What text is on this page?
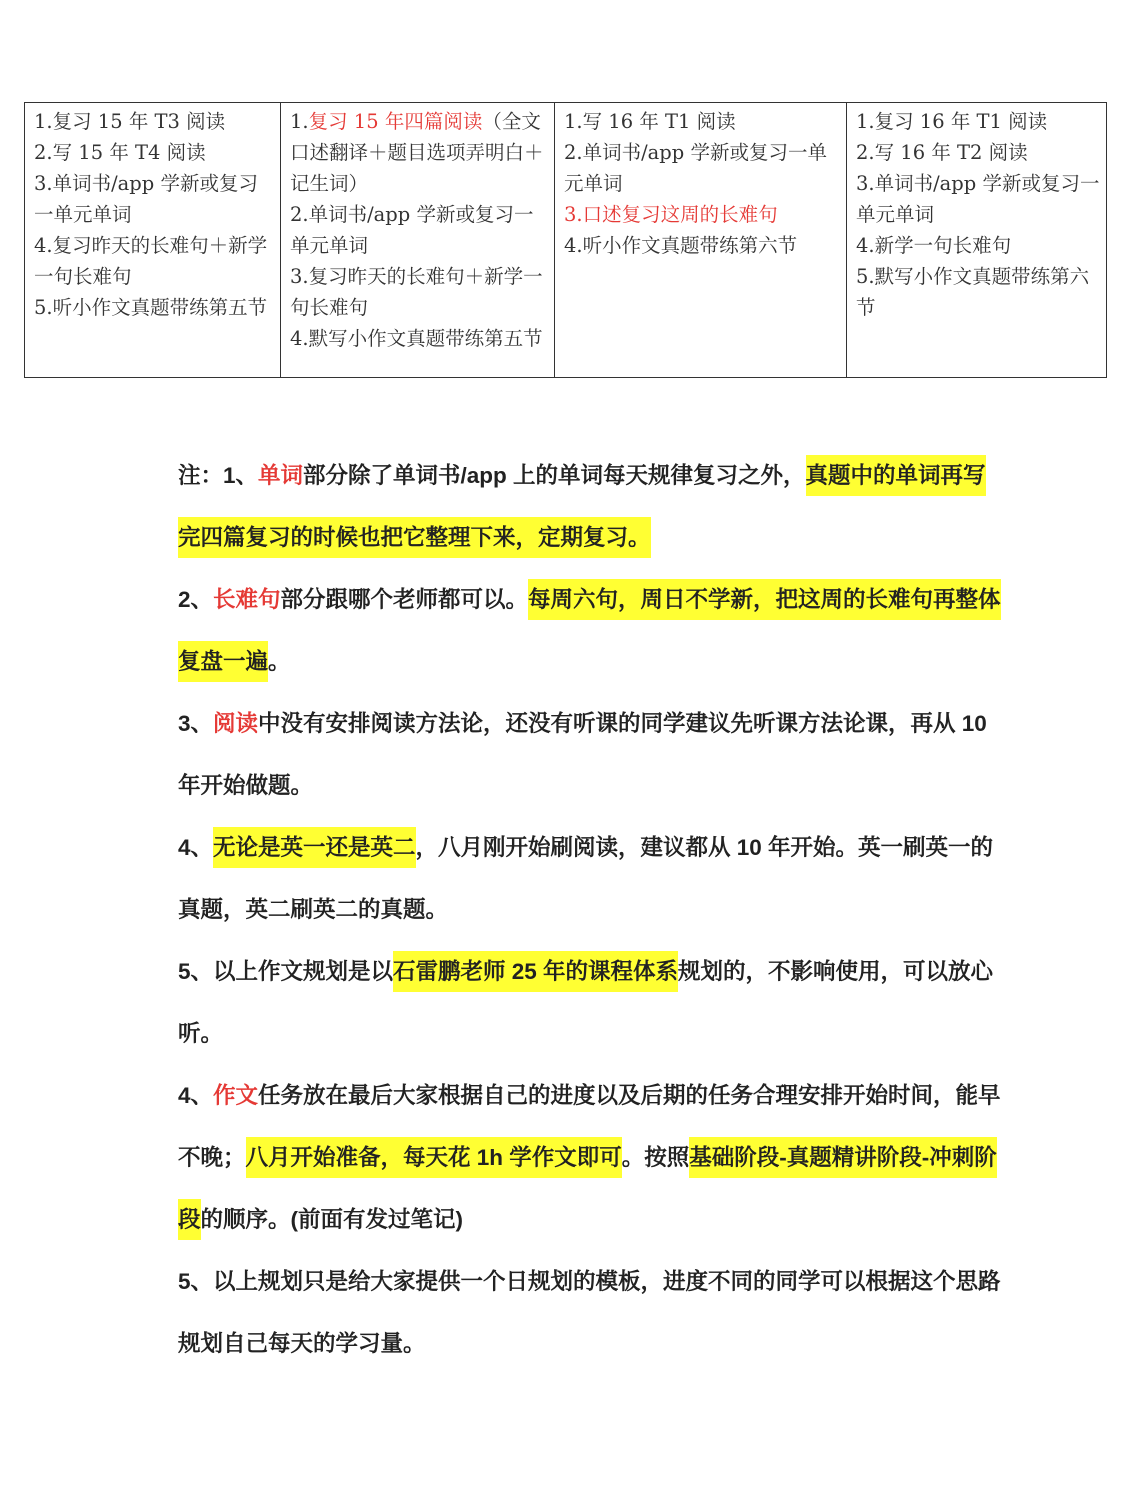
1.复习 15 年 T3 阅读
2.写 15 年 T4 阅读
3.单词书/app 学新或复习一单元单词
4.复习昨天的长难句＋新学一句长难句
5.听小作文真题带练第五节

1.复习 15 年四篇阅读（全文口述翻译＋题目选项弄明白＋记生词）
2.单词书/app 学新或复习一单元单词
3.复习昨天的长难句＋新学一句长难句
4.默写小作文真题带练第五节

1.写 16 年 T1 阅读
2.单词书/app 学新或复习一单元单词
3.口述复习这周的长难句
4.听小作文真题带练第六节

1.复习 16 年 T1 阅读
2.写 16 年 T2 阅读
3.单词书/app 学新或复习一单元单词
4.新学一句长难句
5.默写小作文真题带练第六节

注：1、单词部分除了单词书/app 上的单词每天规律复习之外，真题中的单词再写完四篇复习的时候也把它整理下来，定期复习。

2、长难句部分跟哪个老师都可以。每周六句，周日不学新，把这周的长难句再整体复盘一遍。

3、阅读中没有安排阅读方法论，还没有听课的同学建议先听课方法论课，再从 10 年开始做题。

4、无论是英一还是英二，八月刚开始刷阅读，建议都从 10 年开始。英一刷英一的真题，英二刷英二的真题。

5、以上作文规划是以石雷鹏老师 25 年的课程体系规划的，不影响使用，可以放心听。

4、作文任务放在最后大家根据自己的进度以及后期的任务合理安排开始时间，能早不晚；八月开始准备，每天花 1h 学作文即可。按照基础阶段-真题精讲阶段-冲刺阶段的顺序。(前面有发过笔记)

5、以上规划只是给大家提供一个日规划的模板，进度不同的同学可以根据这个思路规划自己每天的学习量。
